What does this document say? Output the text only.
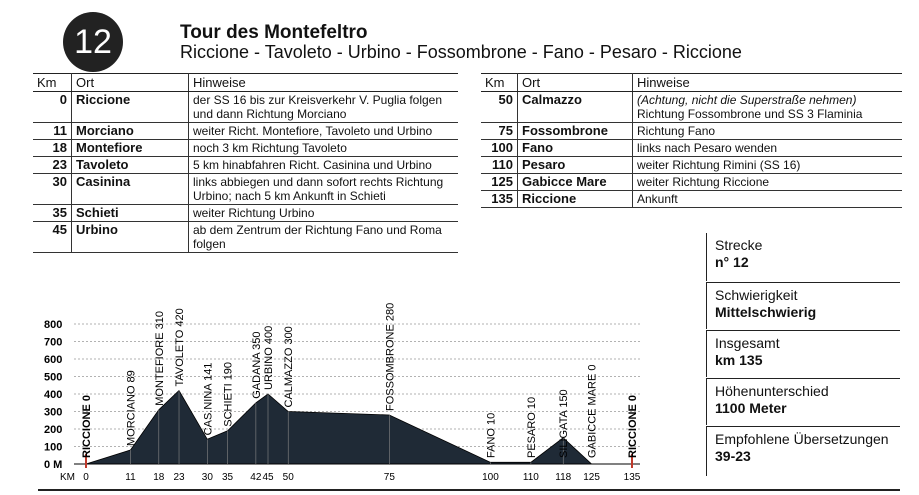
12	Tour des Montefeltro
Riccione - Tavoleto - Urbino - Fossombrone - Fano - Pesaro - Riccione
Km	Ort	Hinweise
0	Riccione	der SS 16 bis zur Kreisverkehr V. Puglia folgen und dann Richtung Morciano

11	Morciano	weiter Richt. Montefiore, Tavoleto und Urbino

18	Montefiore	noch 3 km Richtung Tavoleto

23	Tavoleto	5 km hinabfahren Richt. Casinina und Urbino

30	Casinina	links abbiegen und dann sofort rechts Richtung Urbino; nach 5 km Ankunft in Schieti

35	Schieti	weiter Richtung Urbino

45	Urbino	ab dem Zentrum der Richtung Fano und Roma folgen
Km	Ort	Hinweise
50	Calmazzo	(Achtung, nicht die Superstraße nehmen)
Richtung Fossombrone und SS 3 Flaminia

75	Fossombrone	Richtung Fano

100	Fano	links nach Pesaro wenden

110	Pesaro	weiter Richtung Rimini (SS 16)

125	Gabicce Mare	weiter Richtung Riccione

135	Riccione	Ankunft
Strecke
n° 12
Schwierigkeit
Mittelschwierig
Insgesamt
km 135
Höhenunterschied
1100 Meter
Empfohlene Übersetzungen
39-23
800
700
600
500
400
300
200
100
0 M
KM 0	11 18 23 30 35 42 45 50	75	100 110 118 125 135
RICCIONE 0	MORCIANO 89
MONTEFIORE 310 TAVOLETO 420
CAS.NINA 141 SCHIETI 190 GADANA 350 URBINO 400 CALMAZZO 300	FOSSOMBRONE 280
FANO 10	PESARO 10 SILIGATA 150 GABICCE MARE 0	RICCIONE 0
